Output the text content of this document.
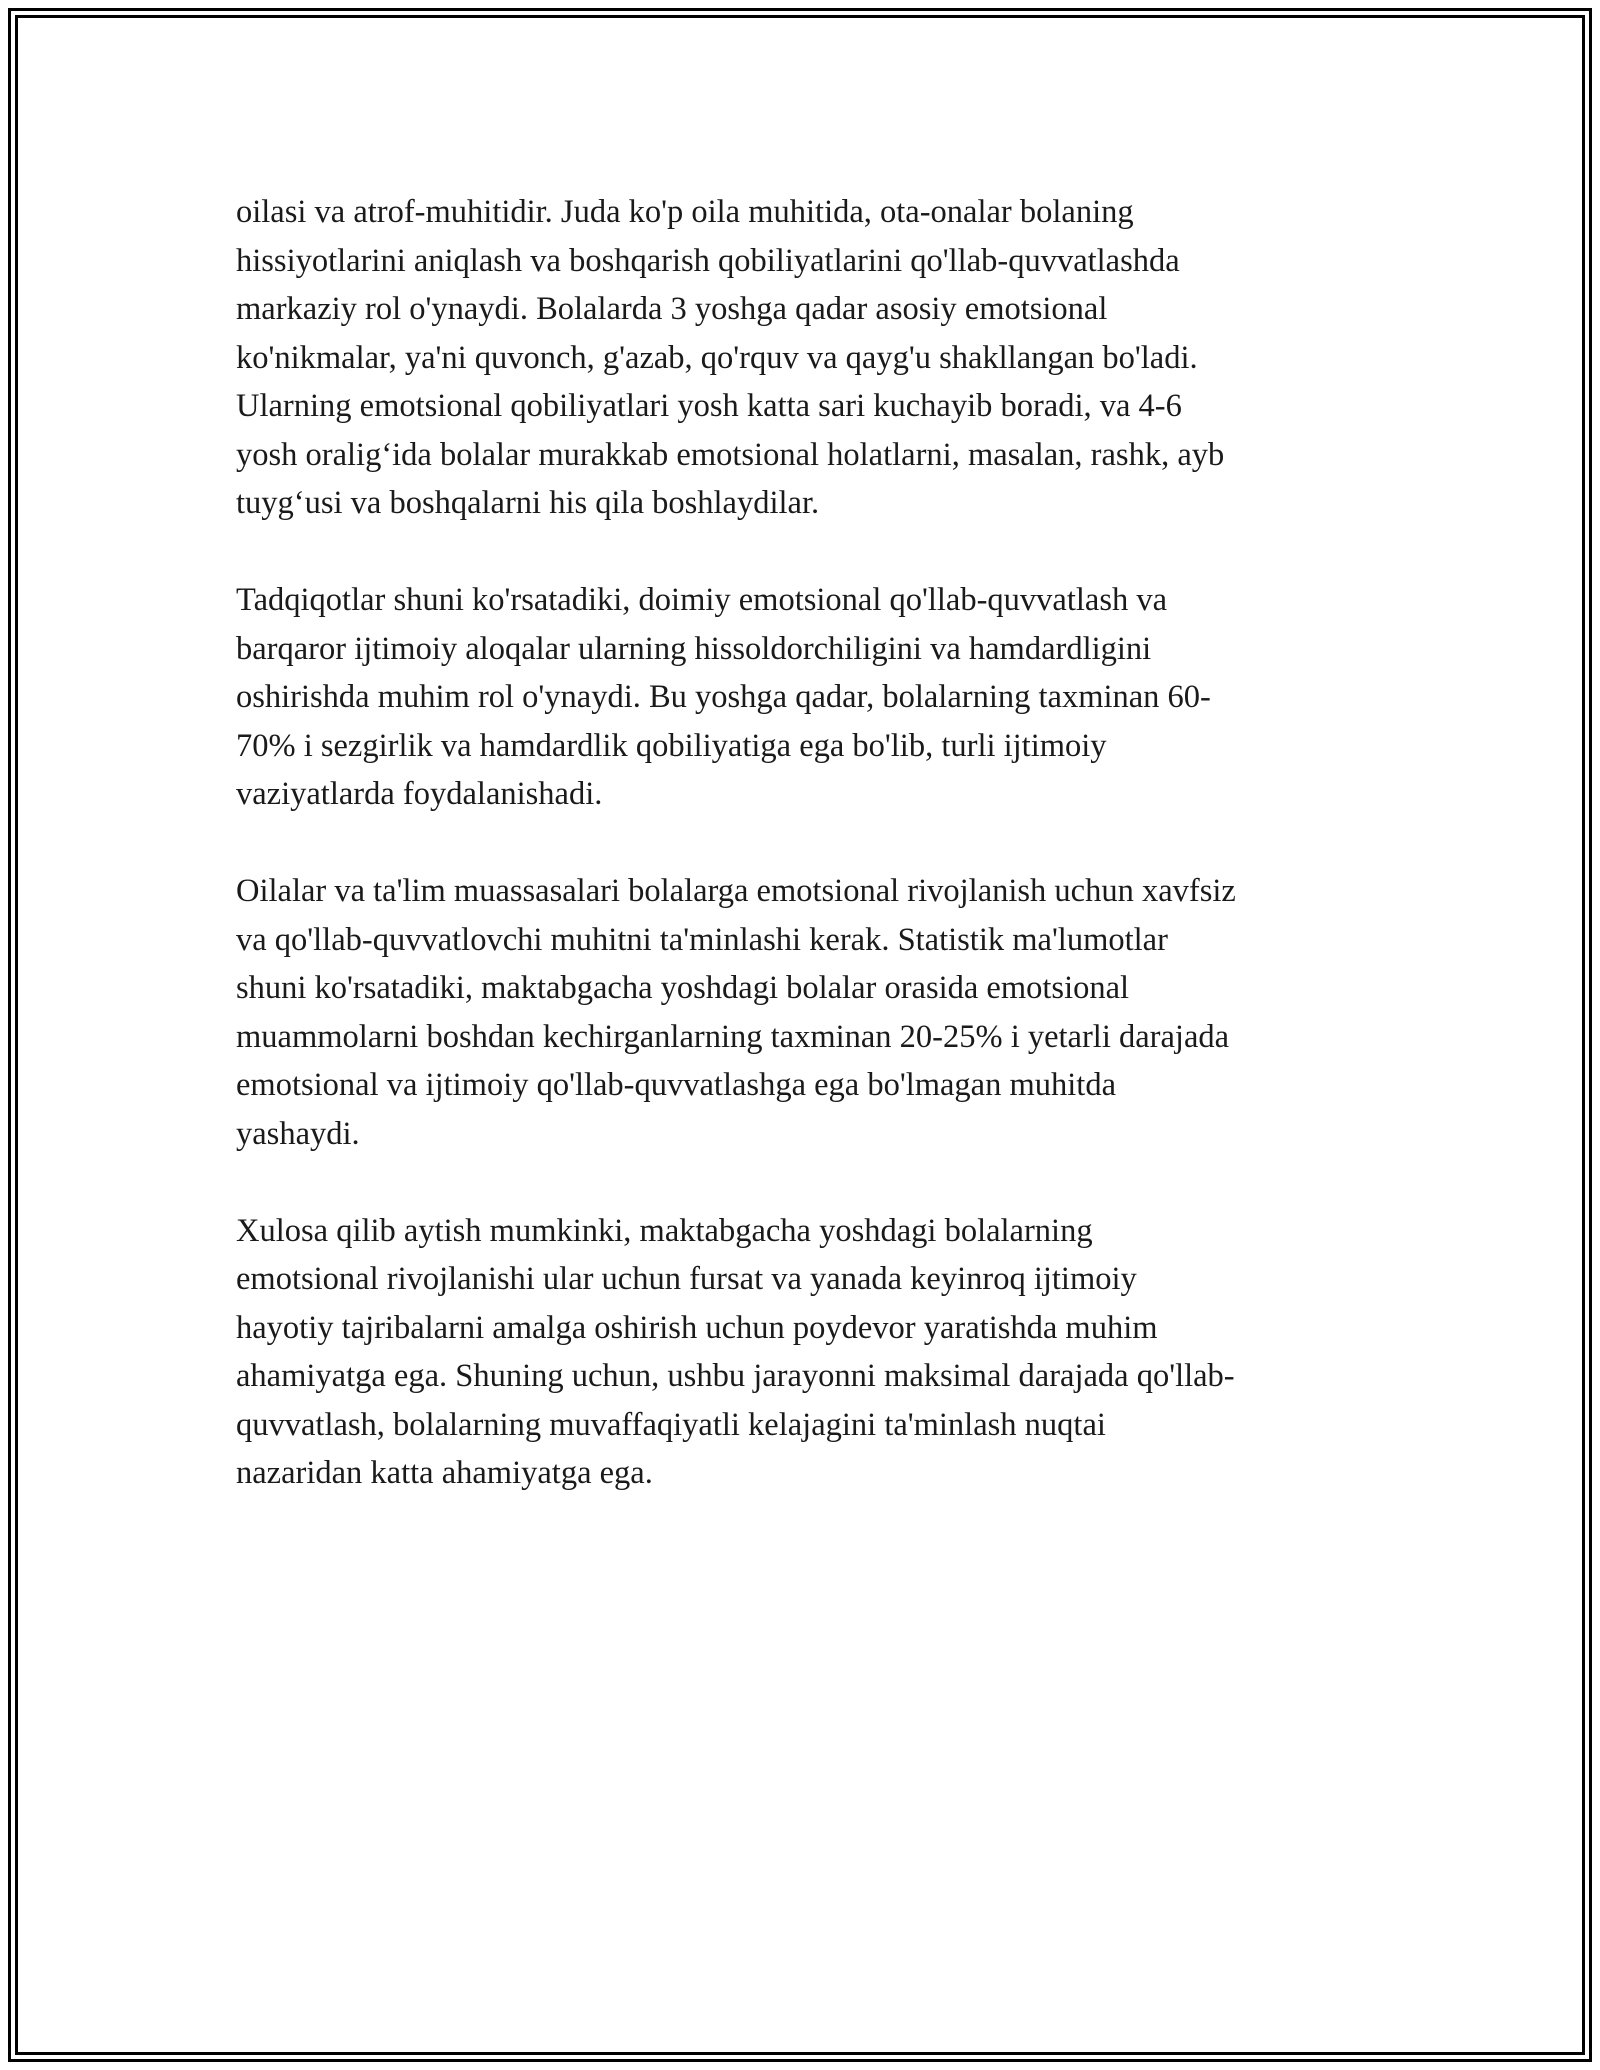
oilasi va atrof-muhitidir. Juda ko'p oila muhitida, ota-onalar bolaning
hissiyotlarini aniqlash va boshqarish qobiliyatlarini qo'llab-quvvatlashda
markaziy rol o'ynaydi. Bolalarda 3 yoshga qadar asosiy emotsional
ko'nikmalar, ya'ni quvonch, g'azab, qo'rquv va qayg'u shakllangan bo'ladi.
Ularning emotsional qobiliyatlari yosh katta sari kuchayib boradi, va 4-6
yosh oralig‘ida bolalar murakkab emotsional holatlarni, masalan, rashk, ayb
tuyg‘usi va boshqalarni his qila boshlaydilar.

Tadqiqotlar shuni ko'rsatadiki, doimiy emotsional qo'llab-quvvatlash va
barqaror ijtimoiy aloqalar ularning hissoldorchiligini va hamdardligini
oshirishda muhim rol o'ynaydi. Bu yoshga qadar, bolalarning taxminan 60-
70% i sezgirlik va hamdardlik qobiliyatiga ega bo'lib, turli ijtimoiy
vaziyatlarda foydalanishadi.

Oilalar va ta'lim muassasalari bolalarga emotsional rivojlanish uchun xavfsiz
va qo'llab-quvvatlovchi muhitni ta'minlashi kerak. Statistik ma'lumotlar
shuni ko'rsatadiki, maktabgacha yoshdagi bolalar orasida emotsional
muammolarni boshdan kechirganlarning taxminan 20-25% i yetarli darajada
emotsional va ijtimoiy qo'llab-quvvatlashga ega bo'lmagan muhitda
yashaydi.

Xulosa qilib aytish mumkinki, maktabgacha yoshdagi bolalarning
emotsional rivojlanishi ular uchun fursat va yanada keyinroq ijtimoiy
hayotiy tajribalarni amalga oshirish uchun poydevor yaratishda muhim
ahamiyatga ega. Shuning uchun, ushbu jarayonni maksimal darajada qo'llab-
quvvatlash, bolalarning muvaffaqiyatli kelajagini ta'minlash nuqtai
nazaridan katta ahamiyatga ega.
